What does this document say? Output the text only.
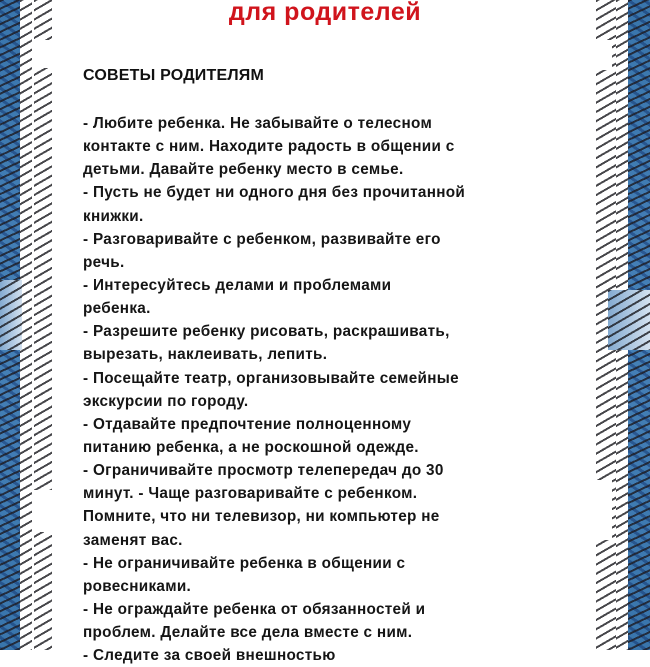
для родителей
СОВЕТЫ РОДИТЕЛЯМ
- Любите ребенка. Не забывайте о телесном
контакте с ним. Находите радость в общении с
детьми. Давайте ребенку место в семье.
- Пусть не будет ни одного дня без прочитанной
книжки.
- Разговаривайте с ребенком, развивайте его
речь.
- Интересуйтесь делами и проблемами
ребенка.
- Разрешите ребенку рисовать, раскрашивать,
вырезать, наклеивать, лепить.
- Посещайте театр, организовывайте семейные
экскурсии по городу.
- Отдавайте предпочтение полноценному
питанию ребенка, а не роскошной одежде.
- Ограничивайте просмотр телепередач до 30
минут. - Чаще разговаривайте с ребенком.
Помните, что ни телевизор, ни компьютер не
заменят вас.
- Не ограничивайте ребенка в общении с
ровесниками.
- Не ограждайте ребенка от обязанностей и
проблем. Делайте все дела вместе с ним.
- Следите за своей внешностью
